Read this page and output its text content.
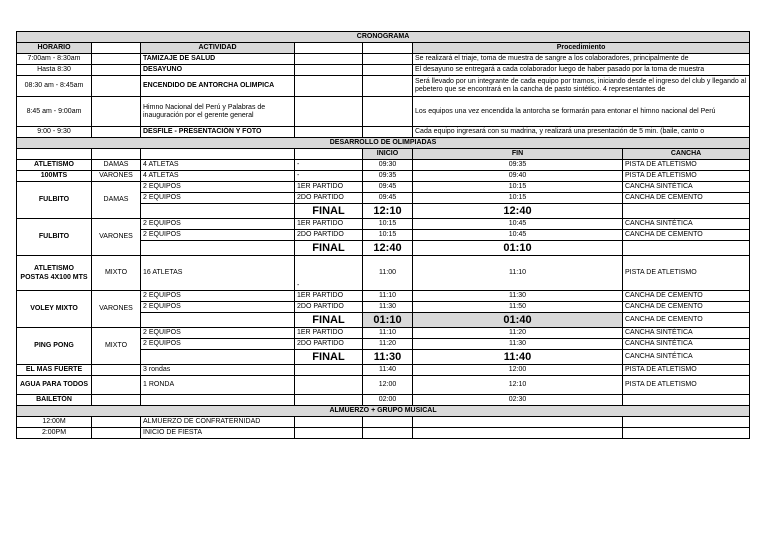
CRONOGRAMA						
HORARIO		ACTIVIDAD			Procedimiento	
7:00am - 8:30am		TAMIZAJE DE SALUD			Se realizará el triaje, toma de muestra de sangre a los colaboradores, principalmente de	
Hasta 8:30		DESAYUNO			El desayuno se entregará a cada colaborador luego de haber pasado por la toma de muestra	
08:30 am - 8:45am		ENCENDIDO DE ANTORCHA OLIMPICA			Será llevado por un integrante de cada equipo por tramos, iniciando desde el ingreso del club y llegando al pebetero que se encontrará en la cancha de pasto sintético. 4 representantes de	
8:45 am - 9:00am		Himno Nacional del Perú y Palabras de inauguración por el gerente general			Los equipos una vez encendida la antorcha se formarán para entonar el himno nacional del Perú	
9:00 - 9:30		DESFILE - PRESENTACIÓN Y FOTO			Cada equipo ingresará con su madrina, y realizará una presentación de 5 min. (baile, canto o	
DESARROLLO DE OLIMPIADAS						
				INICIO	FIN	CANCHA
ATLETISMO	DAMAS	4 ATLETAS	-	09:30	09:35	PISTA DE ATLETISMO
100MTS	VARONES	4 ATLETAS	-	09:35	09:40	PISTA DE ATLETISMO
FULBITO	DAMAS	2 EQUIPOS	1ER PARTIDO	09:45	10:15	CANCHA SINTÉTICA
		2 EQUIPOS	2DO PARTIDO	09:45	10:15	CANCHA DE CEMENTO
			FINAL	12:10	12:40	
FULBITO	VARONES	2 EQUIPOS	1ER PARTIDO	10:15	10:45	CANCHA SINTÉTICA
		2 EQUIPOS	2DO PARTIDO	10:15	10:45	CANCHA DE CEMENTO
			FINAL	12:40	01:10	
ATLETISMO
POSTAS 4X100 MTS	MIXTO	16 ATLETAS	-	11:00	11:10	PISTA DE ATLETISMO
VOLEY MIXTO	VARONES	2 EQUIPOS	1ER PARTIDO	11:10	11:30	CANCHA DE CEMENTO
		2 EQUIPOS	2DO PARTIDO	11:30	11:50	CANCHA DE CEMENTO
			FINAL	01:10	01:40	CANCHA DE CEMENTO
PING PONG	MIXTO	2 EQUIPOS	1ER PARTIDO	11:10	11:20	CANCHA SINTÉTICA
		2 EQUIPOS	2DO PARTIDO	11:20	11:30	CANCHA SINTÉTICA
			FINAL	11:30	11:40	CANCHA SINTÉTICA
EL MAS FUERTE		3 rondas		11:40	12:00	PISTA DE ATLETISMO
AGUA PARA TODOS		1 RONDA		12:00	12:10	PISTA DE ATLETISMO
BAILETÓN				02:00	02:30	
ALMUERZO + GRUPO MUSICAL						
12:00M		ALMUERZO DE CONFRATERNIDAD				
2:00PM		INICIO DE FIESTA				
